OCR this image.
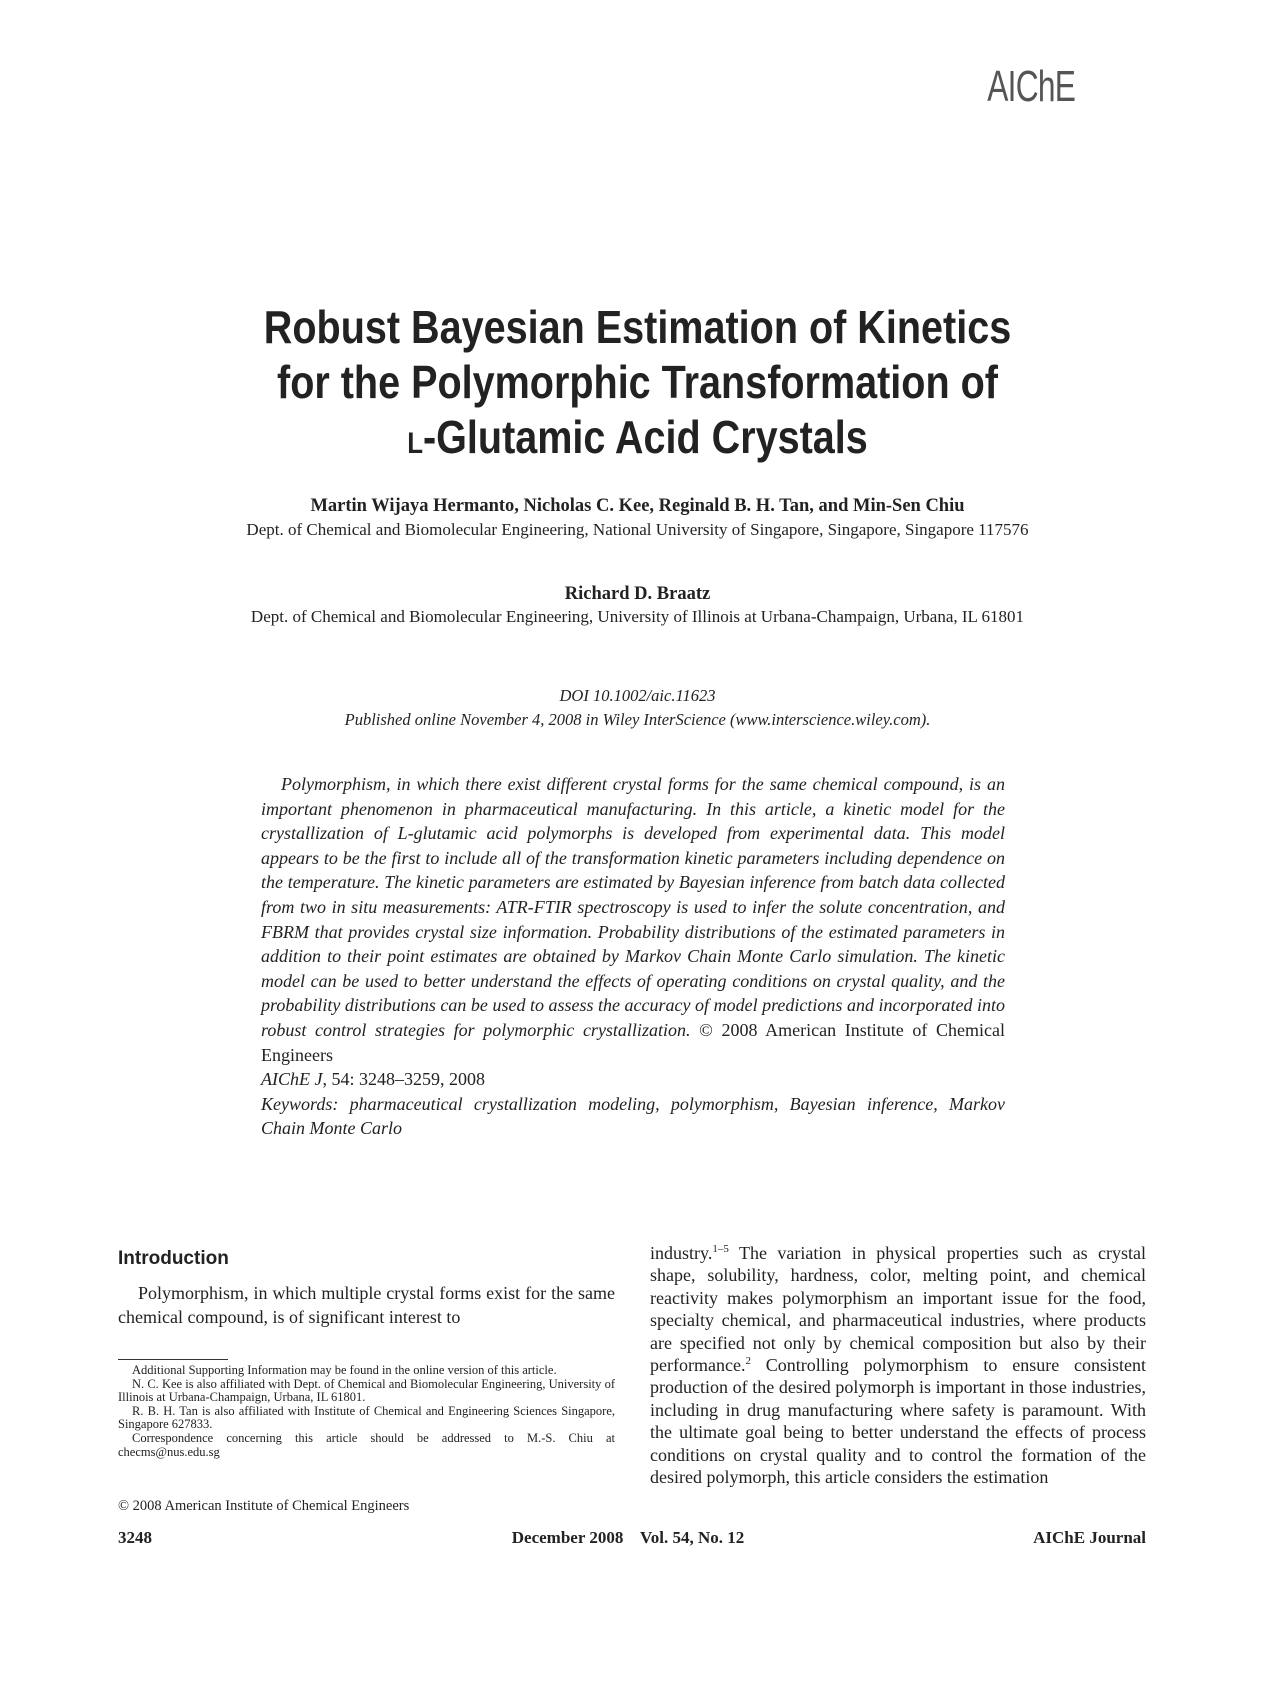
AIChE
Robust Bayesian Estimation of Kinetics
for the Polymorphic Transformation of
L-Glutamic Acid Crystals
Martin Wijaya Hermanto, Nicholas C. Kee, Reginald B. H. Tan, and Min-Sen Chiu
Dept. of Chemical and Biomolecular Engineering, National University of Singapore, Singapore, Singapore 117576
Richard D. Braatz
Dept. of Chemical and Biomolecular Engineering, University of Illinois at Urbana-Champaign, Urbana, IL 61801
DOI 10.1002/aic.11623
Published online November 4, 2008 in Wiley InterScience (www.interscience.wiley.com).

Polymorphism, in which there exist different crystal forms for the same chemical compound, is an important phenomenon in pharmaceutical manufacturing. In this article, a kinetic model for the crystallization of L-glutamic acid polymorphs is developed from experimental data. This model appears to be the first to include all of the transformation kinetic parameters including dependence on the temperature. The kinetic parameters are estimated by Bayesian inference from batch data collected from two in situ measurements: ATR-FTIR spectroscopy is used to infer the solute concentration, and FBRM that provides crystal size information. Probability distributions of the estimated parameters in addition to their point estimates are obtained by Markov Chain Monte Carlo simulation. The kinetic model can be used to better understand the effects of operating conditions on crystal quality, and the probability distributions can be used to assess the accuracy of model predictions and incorporated into robust control strategies for polymorphic crystallization. © 2008 American Institute of Chemical Engineers

AIChE J, 54: 3248–3259, 2008
Keywords: pharmaceutical crystallization modeling, polymorphism, Bayesian inference, Markov Chain Monte Carlo
Introduction

Polymorphism, in which multiple crystal forms exist for the same chemical compound, is of significant interest to

Additional Supporting Information may be found in the online version of this article.

N. C. Kee is also affiliated with Dept. of Chemical and Biomolecular Engineering, University of Illinois at Urbana-Champaign, Urbana, IL 61801.

R. B. H. Tan is also affiliated with Institute of Chemical and Engineering Sciences Singapore, Singapore 627833.

Correspondence concerning this article should be addressed to M.-S. Chiu at checms@nus.edu.sg

© 2008 American Institute of Chemical Engineers

industry.$^{1-5}$ The variation in physical properties such as crystal shape, solubility, hardness, color, melting point, and chemical reactivity makes polymorphism an important issue for the food, specialty chemical, and pharmaceutical industries, where products are specified not only by chemical composition but also by their performance.$^2$ Controlling polymorphism to ensure consistent production of the desired polymorph is important in those industries, including in drug manufacturing where safety is paramount. With the ultimate goal being to better understand the effects of process conditions on crystal quality and to control the formation of the desired polymorph, this article considers the estimation

3248	December 2008    Vol. 54, No. 12	AIChE Journal
